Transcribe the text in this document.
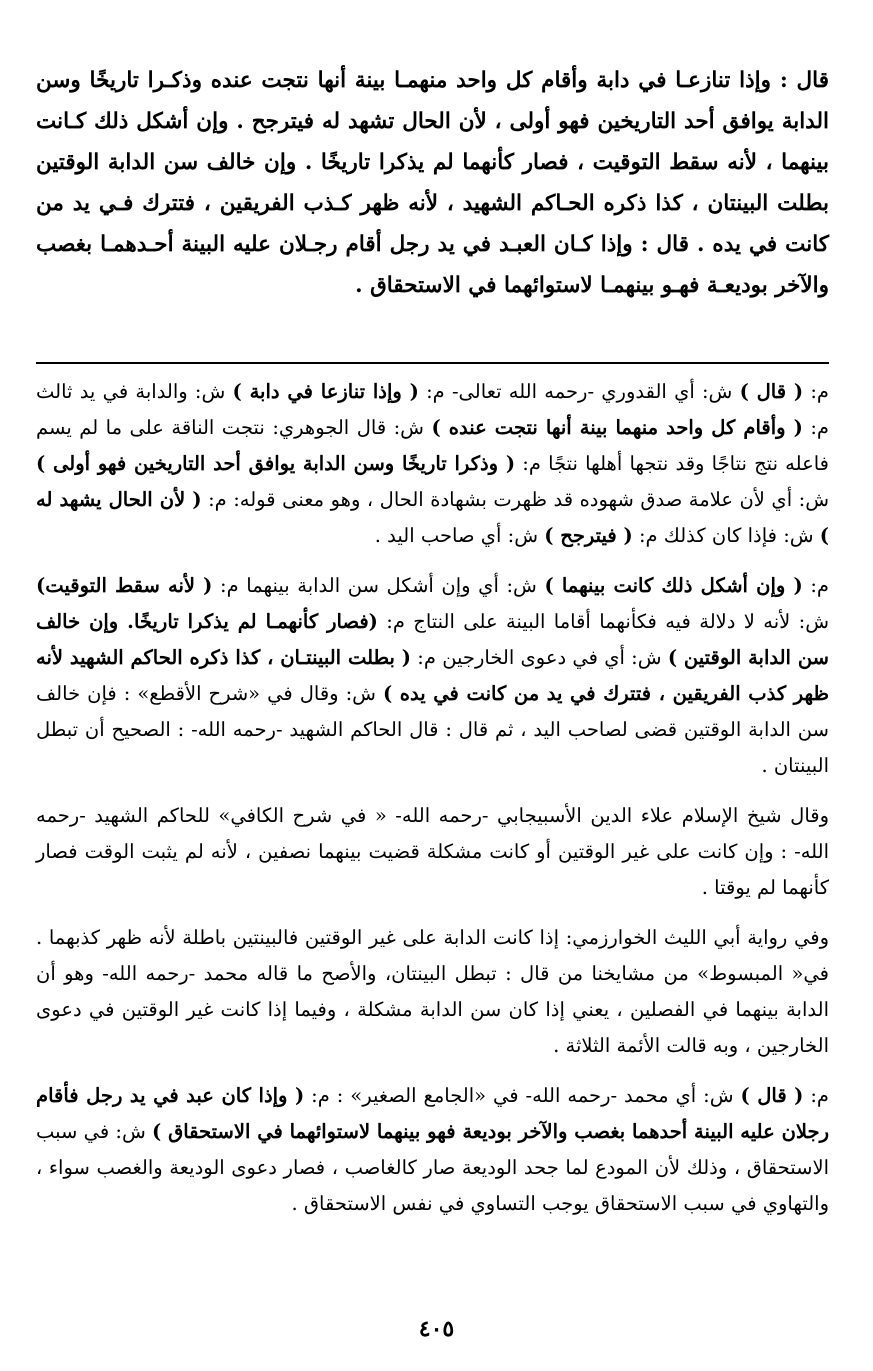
قال : وإذا تنازعـا في دابة وأقام كل واحد منهمـا بينة أنها نتجت عنده وذكـرا تاريخًا وسن الدابة يوافق أحد التاريخين فهو أولى ، لأن الحال تشهد له فيترجح . وإن أشكل ذلك كـانت بينهما ، لأنه سقط التوقيت ، فصار كأنهما لم يذكرا تاريخًا . وإن خالف سن الدابة الوقتين بطلت البينتان ، كذا ذكره الحـاكم الشهيد ، لأنه ظهر كـذب الفريقين ، فتترك فـي يد من كانت في يده . قال : وإذا كـان العبـد في يد رجل أقام رجـلان عليه البينة أحـدهمـا بغصب والآخر بوديعـة فهـو بينهمـا لاستوائهما في الاستحقاق .

م: ( قال ) ش: أي القدوري -رحمه الله تعالى- م: ( وإذا تنازعا في دابة ) ش: والدابة في يد ثالث م: ( وأقام كل واحد منهما بينة أنها نتجت عنده ) ش: قال الجوهري: نتجت الناقة على ما لم يسم فاعله نتج نتاجًا وقد نتجها أهلها نتجًا م: ( وذكرا تاريخًا وسن الدابة يوافق أحد التاريخين فهو أولى ) ش: أي لأن علامة صدق شهوده قد ظهرت بشهادة الحال ، وهو معنى قوله: م: ( لأن الحال يشهد له ) ش: فإذا كان كذلك م: ( فيترجح ) ش: أي صاحب اليد .

م: ( وإن أشكل ذلك كانت بينهما ) ش: أي وإن أشكل سن الدابة بينهما م: ( لأنه سقط التوقيت) ش: لأنه لا دلالة فيه فكأنهما أقاما البينة على النتاج م: (فصار كأنهمـا لم يذكرا تاريخًا. وإن خالف سن الدابة الوقتين ) ش: أي في دعوى الخارجين م: ( بطلت البينتـان ، كذا ذكره الحاكم الشهيد لأنه ظهر كذب الفريقين ، فتترك في يد من كانت في يده ) ش: وقال في «شرح الأقطع» : فإن خالف سن الدابة الوقتين قضى لصاحب اليد ، ثم قال : قال الحاكم الشهيد -رحمه الله- : الصحيح أن تبطل البينتان .

وقال شيخ الإسلام علاء الدين الأسبيجابي -رحمه الله- « في شرح الكافي» للحاكم الشهيد -رحمه الله- : وإن كانت على غير الوقتين أو كانت مشكلة قضيت بينهما نصفين ، لأنه لم يثبت الوقت فصار كأنهما لم يوقتا .

وفي رواية أبي الليث الخوارزمي: إذا كانت الدابة على غير الوقتين فالبينتين باطلة لأنه ظهر كذبهما . في« المبسوط» من مشايخنا من قال : تبطل البينتان، والأصح ما قاله محمد -رحمه الله- وهو أن الدابة بينهما في الفصلين ، يعني إذا كان سن الدابة مشكلة ، وفيما إذا كانت غير الوقتين في دعوى الخارجين ، وبه قالت الأئمة الثلاثة .

م: ( قال ) ش: أي محمد -رحمه الله- في «الجامع الصغير» : م: ( وإذا كان عبد في يد رجل فأقام رجلان عليه البينة أحدهما بغصب والآخر بوديعة فهو بينهما لاستوائهما في الاستحقاق ) ش: في سبب الاستحقاق ، وذلك لأن المودع لما جحد الوديعة صار كالغاصب ، فصار دعوى الوديعة والغصب سواء ، والتهاوي في سبب الاستحقاق يوجب التساوي في نفس الاستحقاق .

٤٠٥
